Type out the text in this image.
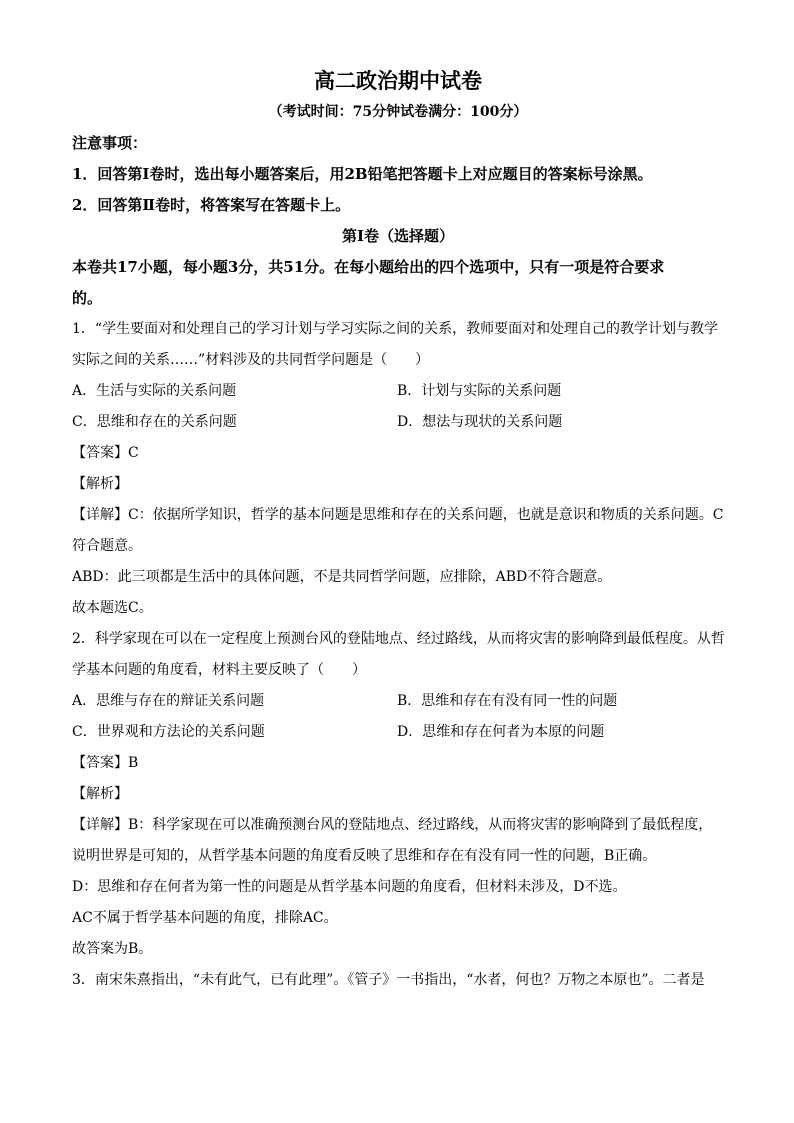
高二政治期中试卷
（考试时间：75分钟试卷满分：100分）
注意事项：
1．回答第Ⅰ卷时，选出每小题答案后，用2B铅笔把答题卡上对应题目的答案标号涂黑。
2．回答第Ⅱ卷时，将答案写在答题卡上。
第Ⅰ卷（选择题）
本卷共17小题，每小题3分，共51分。在每小题给出的四个选项中，只有一项是符合要求
的。
1．“学生要面对和处理自己的学习计划与学习实际之间的关系，教师要面对和处理自己的教学计划与教学
实际之间的关系……”材料涉及的共同哲学问题是（　　）
A．生活与实际的关系问题	B．计划与实际的关系问题
C．思维和存在的关系问题	D．想法与现状的关系问题
【答案】C
【解析】
【详解】C：依据所学知识，哲学的基本问题是思维和存在的关系问题，也就是意识和物质的关系问题。C
符合题意。
ABD：此三项都是生活中的具体问题，不是共同哲学问题，应排除，ABD不符合题意。
故本题选C。
2．科学家现在可以在一定程度上预测台风的登陆地点、经过路线，从而将灾害的影响降到最低程度。从哲
学基本问题的角度看，材料主要反映了（　　）
A．思维与存在的辩证关系问题	B．思维和存在有没有同一性的问题
C．世界观和方法论的关系问题	D．思维和存在何者为本原的问题
【答案】B
【解析】
【详解】B：科学家现在可以准确预测台风的登陆地点、经过路线，从而将灾害的影响降到了最低程度，
说明世界是可知的，从哲学基本问题的角度看反映了思维和存在有没有同一性的问题，B正确。
D：思维和存在何者为第一性的问题是从哲学基本问题的角度看，但材料未涉及，D不选。
AC不属于哲学基本问题的角度，排除AC。
故答案为B。
3．南宋朱熹指出，“未有此气，已有此理”。《管子》一书指出，“水者，何也？万物之本原也”。二者是
